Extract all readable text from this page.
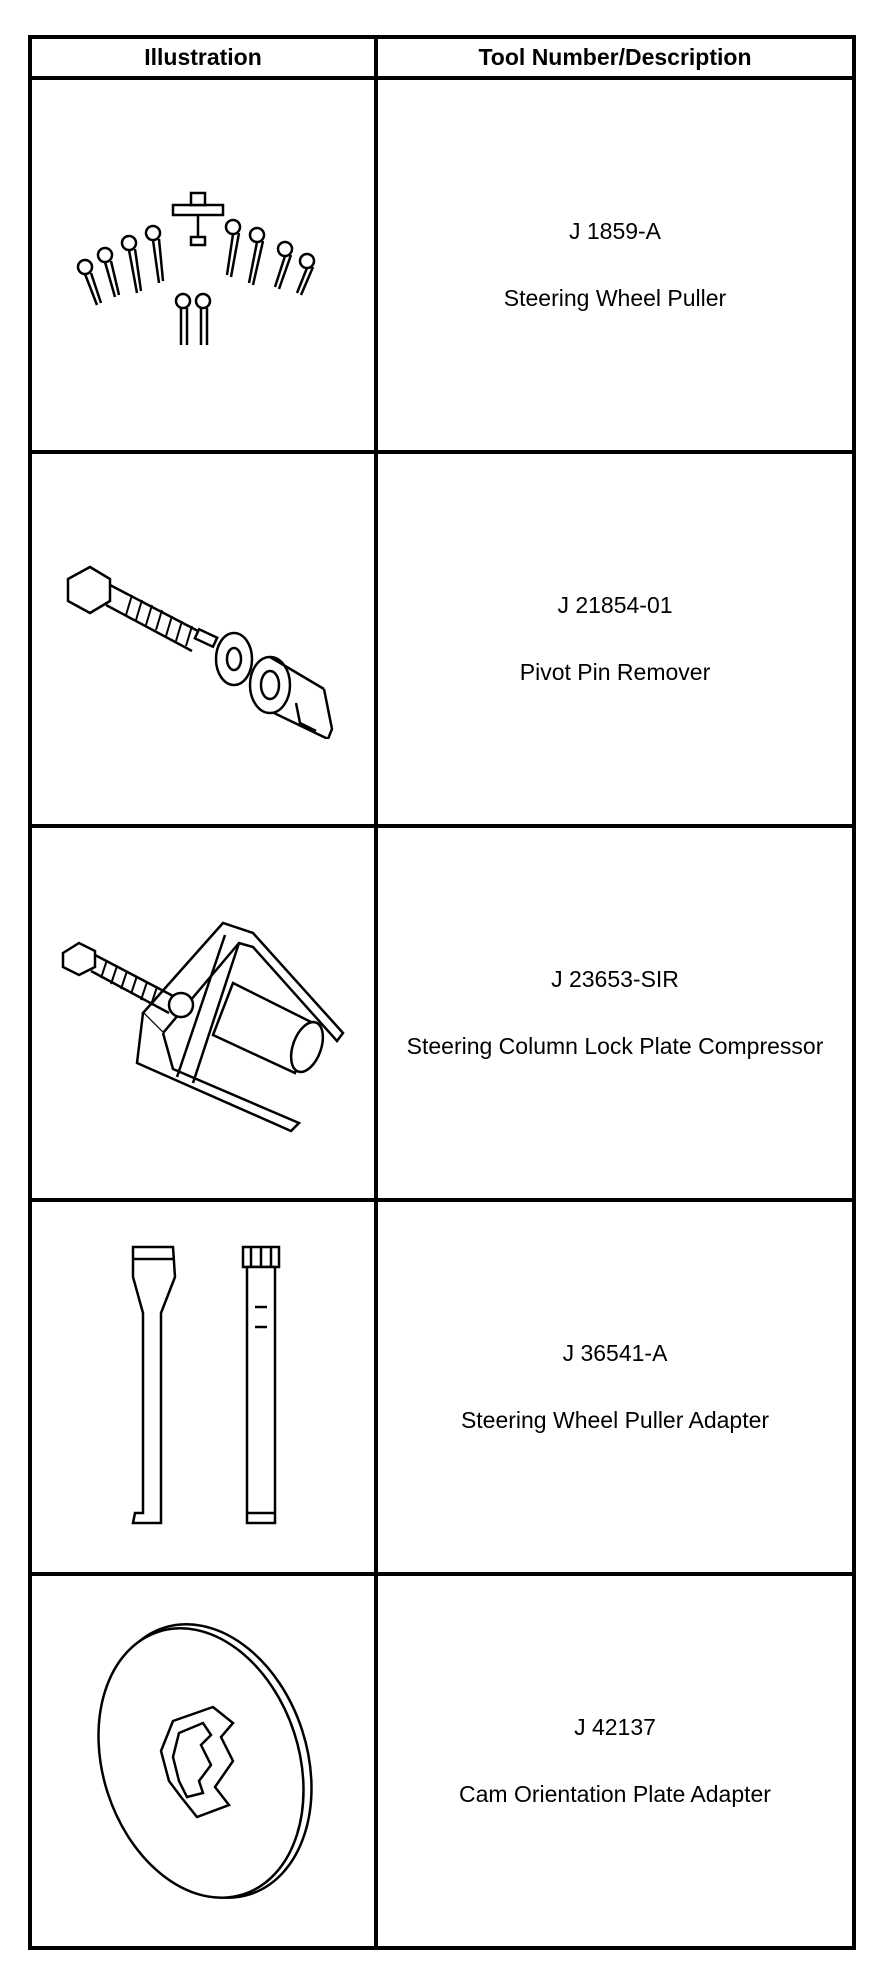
Illustration	Tool Number/Description

J 1859-A
Steering Wheel Puller

J 21854-01
Pivot Pin Remover

J 23653-SIR
Steering Column Lock Plate Compressor

J 36541-A
Steering Wheel Puller Adapter

J 42137
Cam Orientation Plate Adapter
